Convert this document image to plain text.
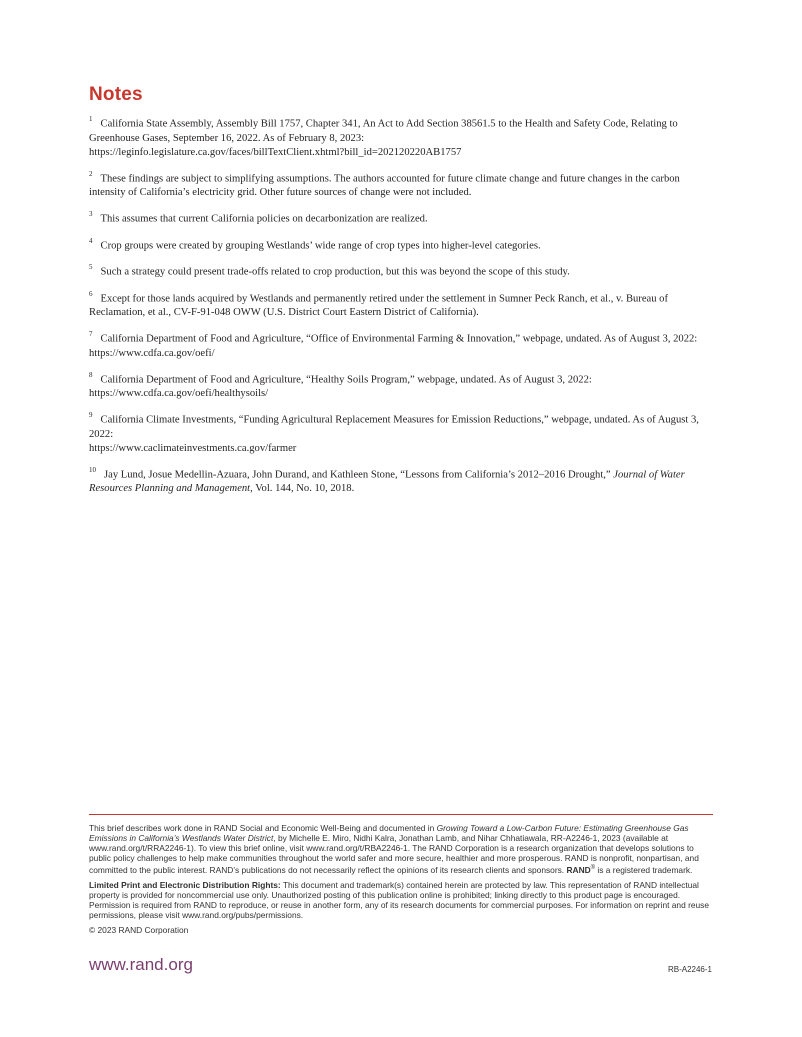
Notes
$^1$ California State Assembly, Assembly Bill 1757, Chapter 341, An Act to Add Section 38561.5 to the Health and Safety Code, Relating to Greenhouse Gases, September 16, 2022. As of February 8, 2023:
https://leginfo.legislature.ca.gov/faces/billTextClient.xhtml?bill_id=202120220AB1757
$^2$ These findings are subject to simplifying assumptions. The authors accounted for future climate change and future changes in the carbon intensity of California’s electricity grid. Other future sources of change were not included.
$^3$ This assumes that current California policies on decarbonization are realized.
$^4$ Crop groups were created by grouping Westlands’ wide range of crop types into higher-level categories.
$^5$ Such a strategy could present trade-offs related to crop production, but this was beyond the scope of this study.
$^6$ Except for those lands acquired by Westlands and permanently retired under the settlement in Sumner Peck Ranch, et al., v. Bureau of Reclamation, et al., CV-F-91-048 OWW (U.S. District Court Eastern District of California).
$^7$ California Department of Food and Agriculture, “Office of Environmental Farming & Innovation,” webpage, undated. As of August 3, 2022:
https://www.cdfa.ca.gov/oefi/
$^8$ California Department of Food and Agriculture, “Healthy Soils Program,” webpage, undated. As of August 3, 2022:
https://www.cdfa.ca.gov/oefi/healthysoils/
$^9$ California Climate Investments, “Funding Agricultural Replacement Measures for Emission Reductions,” webpage, undated. As of August 3, 2022:
https://www.caclimateinvestments.ca.gov/farmer
$^{10}$ Jay Lund, Josue Medellin-Azuara, John Durand, and Kathleen Stone, “Lessons from California’s 2012–2016 Drought,” Journal of Water Resources Planning and Management, Vol. 144, No. 10, 2018.

This brief describes work done in RAND Social and Economic Well-Being and documented in Growing Toward a Low-Carbon Future: Estimating Greenhouse Gas Emissions in California’s Westlands Water District, by Michelle E. Miro, Nidhi Kalra, Jonathan Lamb, and Nihar Chhatiawala, RR-A2246-1, 2023 (available at www.rand.org/t/RRA2246-1). To view this brief online, visit www.rand.org/t/RBA2246-1. The RAND Corporation is a research organization that develops solutions to public policy challenges to help make communities throughout the world safer and more secure, healthier and more prosperous. RAND is nonprofit, nonpartisan, and committed to the public interest. RAND’s publications do not necessarily reflect the opinions of its research clients and sponsors. RAND® is a registered trademark.

Limited Print and Electronic Distribution Rights: This document and trademark(s) contained herein are protected by law. This representation of RAND intellectual property is provided for noncommercial use only. Unauthorized posting of this publication online is prohibited; linking directly to this product page is encouraged. Permission is required from RAND to reproduce, or reuse in another form, any of its research documents for commercial purposes. For information on reprint and reuse permissions, please visit www.rand.org/pubs/permissions.

© 2023 RAND Corporation

www.rand.org	RB-A2246-1
